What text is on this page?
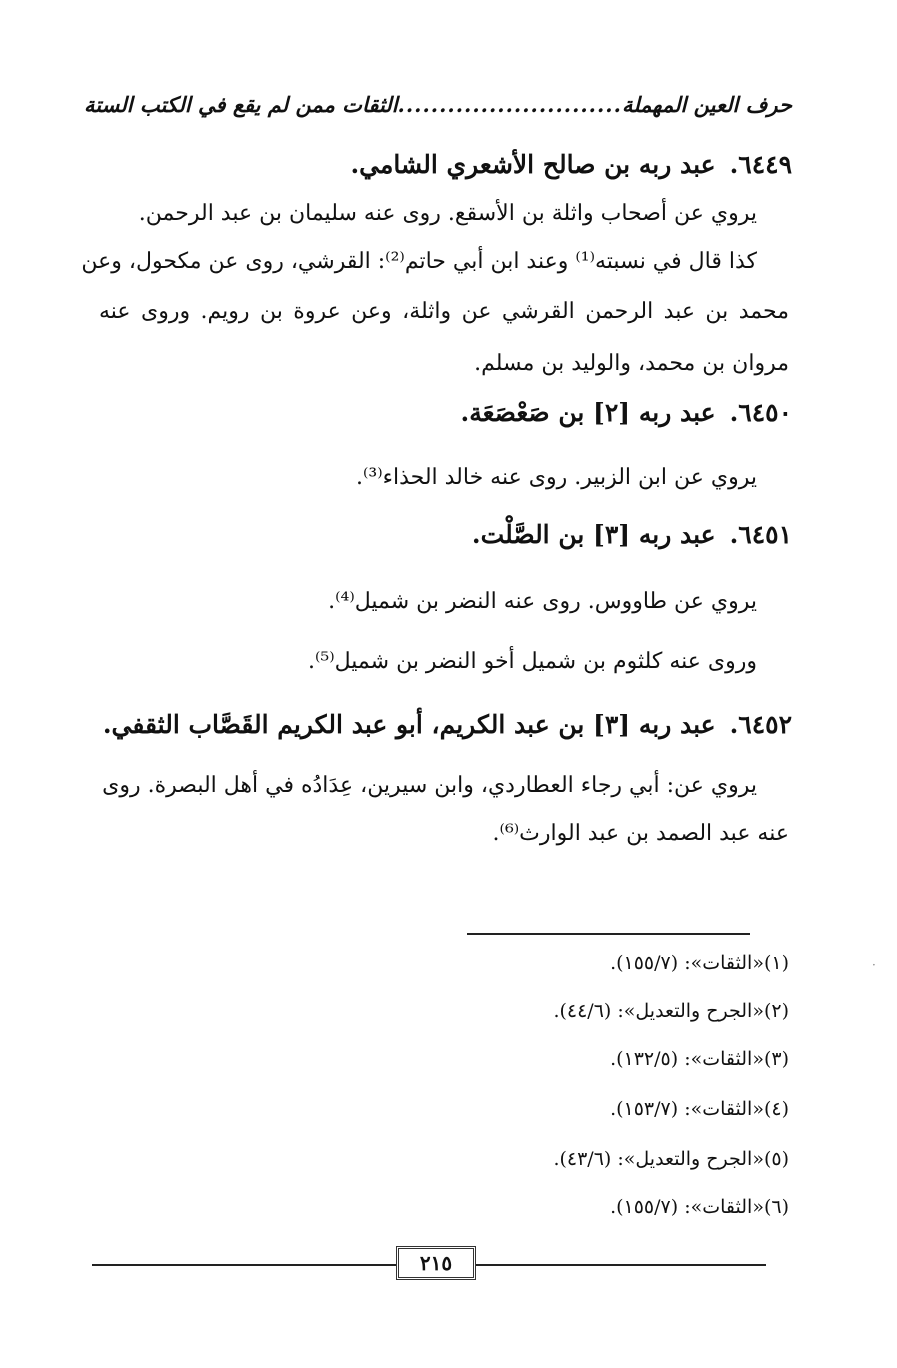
حرف العين المهملة
...........................
الثقات ممن لم يقع في الكتب الستة
٦٤٤٩.عبد ربه بن صالح الأشعري الشامي.
يروي عن أصحاب واثلة بن الأسقع. روى عنه سليمان بن عبد الرحمن.
كذا قال في نسبته⁽¹⁾ وعند ابن أبي حاتم⁽²⁾: القرشي، روى عن مكحول، وعن
محمد بن عبد الرحمن القرشي عن واثلة، وعن عروة بن رويم. وروى عنه
مروان بن محمد، والوليد بن مسلم.
٦٤٥٠.عبد ربه [٢] بن صَعْصَعَة.
يروي عن ابن الزبير. روى عنه خالد الحذاء⁽³⁾.
٦٤٥١.عبد ربه [٣] بن الصَّلْت.
يروي عن طاووس. روى عنه النضر بن شميل⁽⁴⁾.
وروى عنه كلثوم بن شميل أخو النضر بن شميل⁽⁵⁾.
٦٤٥٢.عبد ربه [٣] بن عبد الكريم، أبو عبد الكريم القَصَّاب الثقفي.
يروي عن: أبي رجاء العطاردي، وابن سيرين، عِدَادُه في أهل البصرة. روى
عنه عبد الصمد بن عبد الوارث⁽⁶⁾.
(١)«الثقات»: (١٥٥/٧).
(٢)«الجرح والتعديل»: (٤٤/٦).
(٣)«الثقات»: (١٣٢/٥).
(٤)«الثقات»: (١٥٣/٧).
(٥)«الجرح والتعديل»: (٤٣/٦).
(٦)«الثقات»: (١٥٥/٧).
٢١٥
·
